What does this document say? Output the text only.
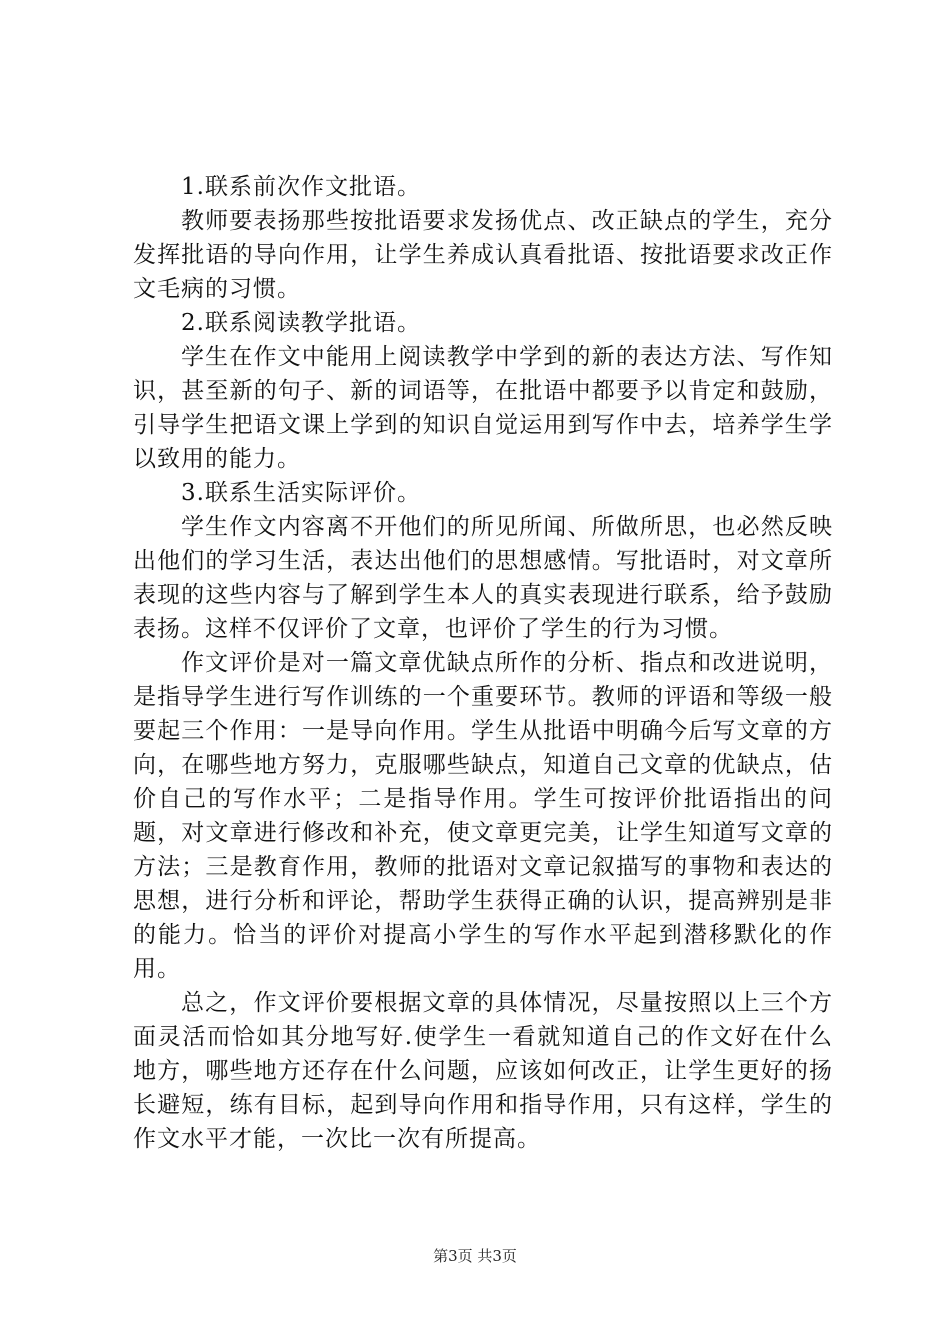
1.联系前次作文批语。

教师要表扬那些按批语要求发扬优点、改正缺点的学生，充分发挥批语的导向作用，让学生养成认真看批语、按批语要求改正作文毛病的习惯。

2.联系阅读教学批语。

学生在作文中能用上阅读教学中学到的新的表达方法、写作知识，甚至新的句子、新的词语等，在批语中都要予以肯定和鼓励，引导学生把语文课上学到的知识自觉运用到写作中去，培养学生学以致用的能力。

3.联系生活实际评价。

学生作文内容离不开他们的所见所闻、所做所思，也必然反映出他们的学习生活，表达出他们的思想感情。写批语时，对文章所表现的这些内容与了解到学生本人的真实表现进行联系，给予鼓励表扬。这样不仅评价了文章，也评价了学生的行为习惯。

作文评价是对一篇文章优缺点所作的分析、指点和改进说明，是指导学生进行写作训练的一个重要环节。教师的评语和等级一般要起三个作用：一是导向作用。学生从批语中明确今后写文章的方向，在哪些地方努力，克服哪些缺点，知道自己文章的优缺点，估价自己的写作水平；二是指导作用。学生可按评价批语指出的问题，对文章进行修改和补充，使文章更完美，让学生知道写文章的方法；三是教育作用，教师的批语对文章记叙描写的事物和表达的思想，进行分析和评论，帮助学生获得正确的认识，提高辨别是非的能力。恰当的评价对提高小学生的写作水平起到潜移默化的作用。

总之，作文评价要根据文章的具体情况，尽量按照以上三个方面灵活而恰如其分地写好.使学生一看就知道自己的作文好在什么地方，哪些地方还存在什么问题，应该如何改正，让学生更好的扬长避短，练有目标，起到导向作用和指导作用，只有这样，学生的作文水平才能，一次比一次有所提高。

第3页 共3页
